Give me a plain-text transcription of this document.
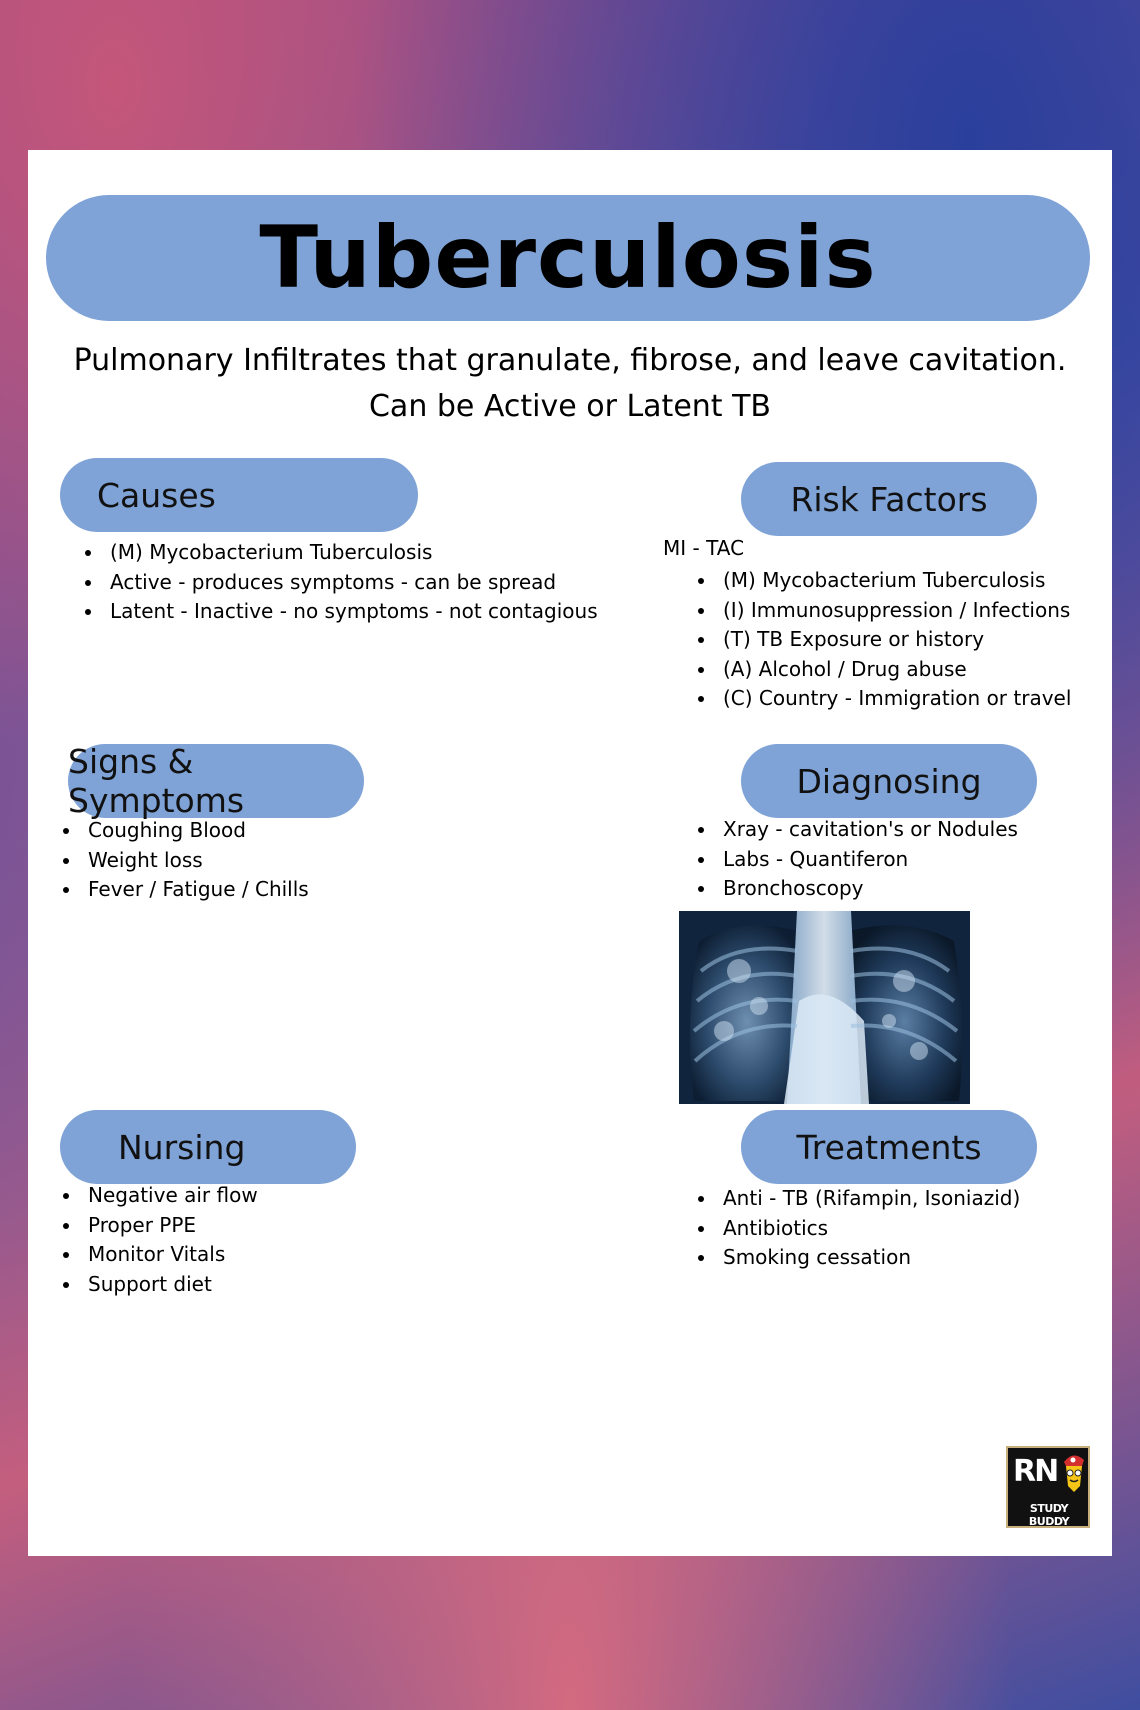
Tuberculosis
Pulmonary Infiltrates that granulate, fibrose, and leave cavitation.
Can be Active or Latent TB
Causes
• (M) Mycobacterium Tuberculosis
• Active - produces symptoms - can be spread
• Latent - Inactive - no symptoms - not contagious
Risk Factors
MI - TAC
• (M) Mycobacterium Tuberculosis
• (I) Immunosuppression / Infections
• (T) TB Exposure or history
• (A) Alcohol / Drug abuse
• (C) Country - Immigration or travel
Signs & Symptoms
• Coughing Blood
• Weight loss
• Fever / Fatigue / Chills
Diagnosing
• Xray - cavitation's or Nodules
• Labs - Quantiferon
• Bronchoscopy
Nursing
• Negative air flow
• Proper PPE
• Monitor Vitals
• Support diet
Treatments
• Anti - TB (Rifampin, Isoniazid)
• Antibiotics
• Smoking cessation
RN
STUDY BUDDY
